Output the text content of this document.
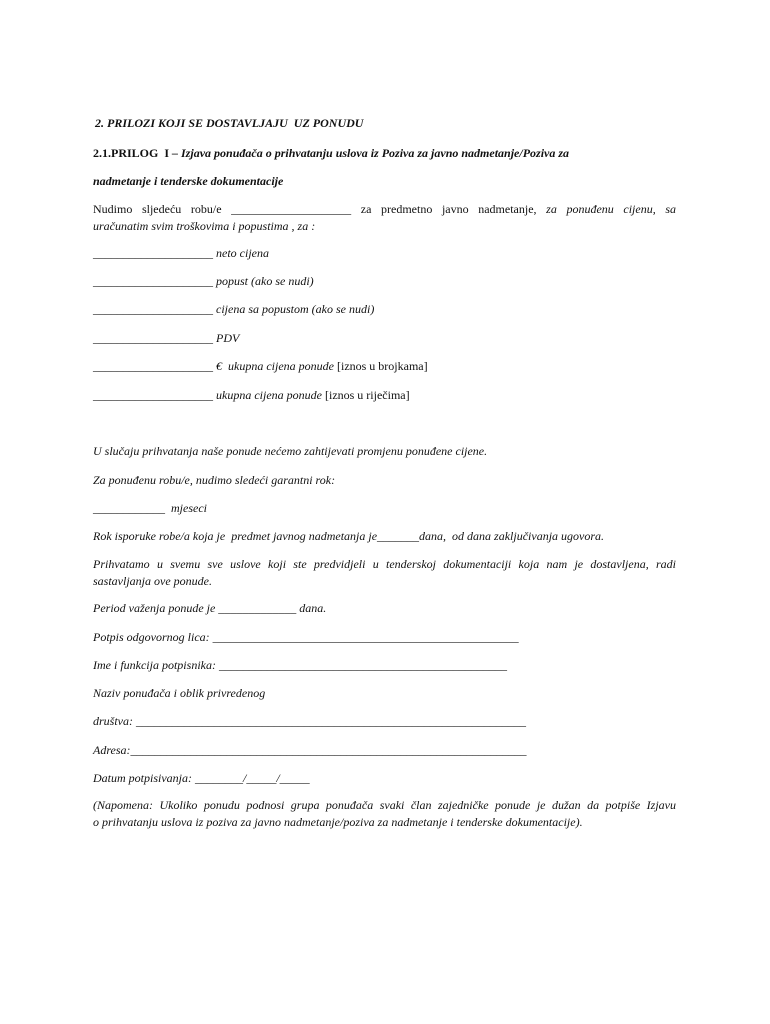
2. PRILOZI KOJI SE DOSTAVLJAJU  UZ PONUDU
2.1.PRILOG  I – Izjava ponuđača o prihvatanju uslova iz Poziva za javno nadmetanje/Poziva za
nadmetanje i tenderske dokumentacije
Nudimo sljedeću robu/e ____________________ za predmetno javno nadmetanje, za ponuđenu cijenu, sa
uračunatim svim troškovima i popustima , za :
____________________ neto cijena
____________________ popust (ako se nudi)
____________________ cijena sa popustom (ako se nudi)
____________________ PDV
____________________ €  ukupna cijena ponude [iznos u brojkama]
____________________ ukupna cijena ponude [iznos u riječima]
U slučaju prihvatanja naše ponude nećemo zahtijevati promjenu ponuđene cijene.
Za ponuđenu robu/e, nudimo sledeći garantni rok:
____________  mjeseci
Rok isporuke robe/a koja je  predmet javnog nadmetanja je_______dana,  od dana zaključivanja ugovora.
Prihvatamo u svemu sve uslove koji ste predvidjeli u tenderskoj dokumentaciji koja nam je dostavljena, radi
sastavljanja ove ponude.
Period važenja ponude je _____________ dana.
Potpis odgovornog lica: ___________________________________________________
Ime i funkcija potpisnika: ________________________________________________
Naziv ponuđača i oblik privredenog
društva: _________________________________________________________________
Adresa:__________________________________________________________________
Datum potpisivanja: ________/_____/_____
(Napomena: Ukoliko ponudu podnosi grupa ponuđača svaki član zajedničke ponude je dužan da potpiše Izjavu
o prihvatanju uslova iz poziva za javno nadmetanje/poziva za nadmetanje i tenderske dokumentacije).
